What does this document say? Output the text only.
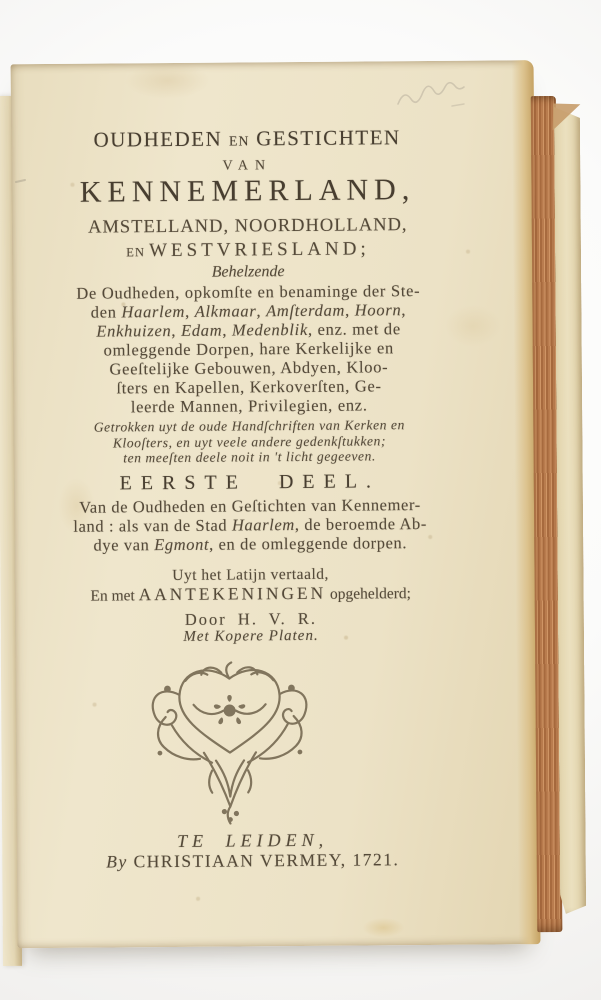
OUDHEDEN EN GESTICHTEN
VAN
KENNEMERLAND,
AMSTELLAND, NOORDHOLLAND,
EN WESTVRIESLAND;
Behelzende
De Oudheden, opkomſte en benaminge der Ste-
den Haarlem, Alkmaar, Amſterdam, Hoorn,
Enkhuizen, Edam, Medenblik, enz. met de
omleggende Dorpen, hare Kerkelijke en
Geeſtelijke Gebouwen, Abdyen, Kloo-
ſters en Kapellen, Kerkoverſten, Ge-
leerde Mannen, Privilegien, enz.
Getrokken uyt de oude Handſchriften van Kerken en
Klooſters, en uyt veele andere gedenkſtukken;
ten meeſten deele noit in 't licht gegeeven.
EERSTE DEEL.
Van de Oudheden en Geſtichten van Kennemer-
land : als van de Stad Haarlem, de beroemde Ab-
dye van Egmont, en de omleggende dorpen.
Uyt het Latijn vertaald,
En met AANTEKENINGEN opgehelderd;
Door H. V. R.
Met Kopere Platen.
TE LEIDEN,
By CHRISTIAAN VERMEY, 1721.
